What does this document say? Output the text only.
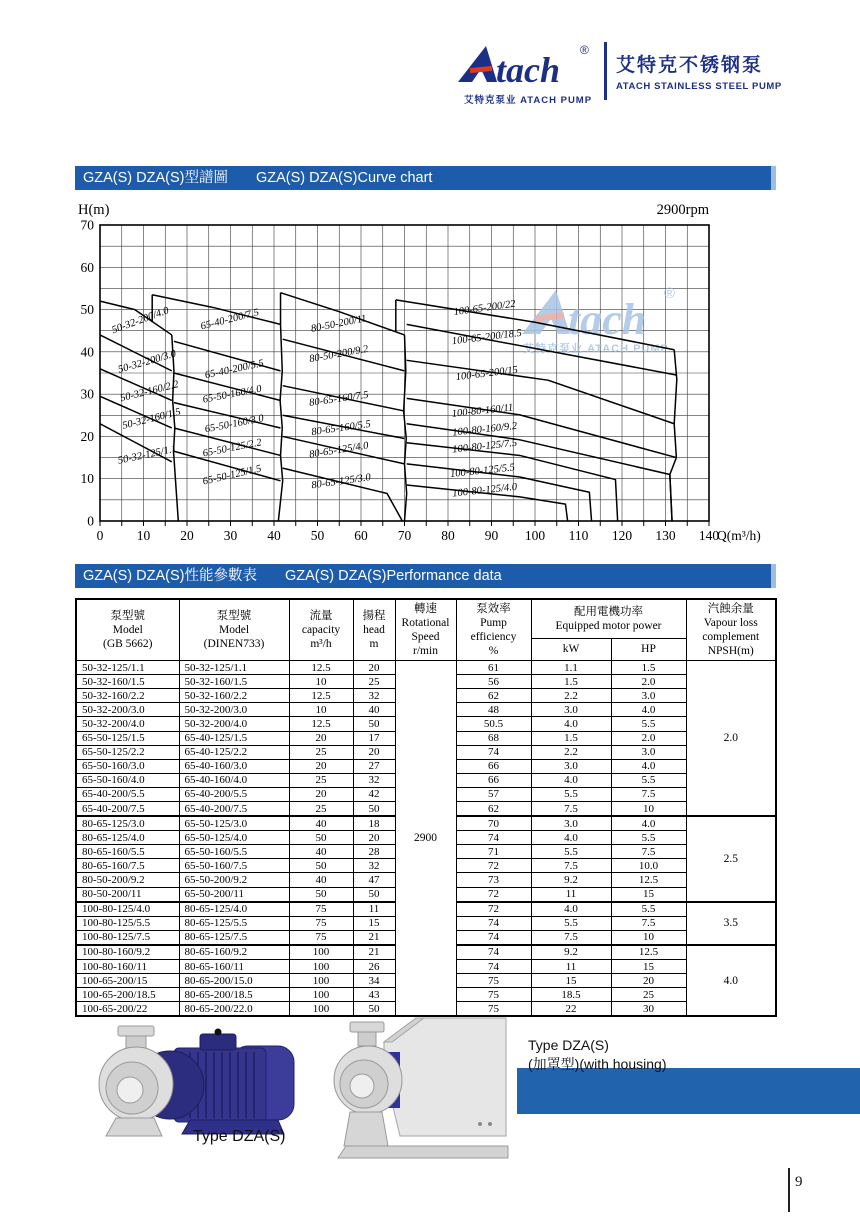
tach ®
艾特克泵业 ATACH PUMP
艾特克不锈钢泵
ATACH STAINLESS STEEL PUMP
GZA(S) DZA(S)型譜圖 GZA(S) DZA(S)Curve chart
H(m)	2900rpm
tach
®
艾特克泵业 ATACH PUMP
0 10 20 30 40 50 60 70 80 90 100 110 120 130 140
Q(m³/h)
0
10
20
30
40
50
60
70
50-32-200/4.0
50-32-200/3.0
50-32-160/2.2
50-32-160/1.5
50-32-125/1.1
65-40-200/7.5
65-40-200/5.5
65-50-160/4.0
65-50-160/3.0
65-50-125/2.2
65-50-125/1.5
80-50-200/11
80-50-200/9.2
80-65-160/7.5
80-65-160/5.5
80-65-125/4.0
80-65-125/3.0
100-65-200/22
100-65-200/18.5
100-65-200/15
100-80-160/11
100-80-160/9.2
100-80-125/7.5
100-80-125/5.5
100-80-125/4.0
GZA(S) DZA(S)性能參數表 GZA(S) DZA(S)Performance data
泵型號
Model
(GB 5662)	泵型號
Model
(DINEN733)	流量
capacity
m³/h	揚程
head
m	轉速
Rotational
Speed
r/min	泵效率
Pump
efficiency
%	配用電機功率
Equipped motor power		汽蝕余量
Vapour loss
complement
NPSH(m)
						kW	HP	
50-32-125/1.1	50-32-125/1.1	12.5	20	2900	61	1.1	1.5	2.0
50-32-160/1.5	50-32-160/1.5	10	25		56	1.5	2.0	
50-32-160/2.2	50-32-160/2.2	12.5	32		62	2.2	3.0	
50-32-200/3.0	50-32-200/3.0	10	40		48	3.0	4.0	
50-32-200/4.0	50-32-200/4.0	12.5	50		50.5	4.0	5.5	
65-50-125/1.5	65-40-125/1.5	20	17		68	1.5	2.0	
65-50-125/2.2	65-40-125/2.2	25	20		74	2.2	3.0	
65-50-160/3.0	65-40-160/3.0	20	27		66	3.0	4.0	
65-50-160/4.0	65-40-160/4.0	25	32		66	4.0	5.5	
65-40-200/5.5	65-40-200/5.5	20	42		57	5.5	7.5	
65-40-200/7.5	65-40-200/7.5	25	50		62	7.5	10	
80-65-125/3.0	65-50-125/3.0	40	18		70	3.0	4.0	2.5
80-65-125/4.0	65-50-125/4.0	50	20		74	4.0	5.5	
80-65-160/5.5	65-50-160/5.5	40	28		71	5.5	7.5	
80-65-160/7.5	65-50-160/7.5	50	32		72	7.5	10.0	
80-50-200/9.2	65-50-200/9.2	40	47		73	9.2	12.5	
80-50-200/11	65-50-200/11	50	50		72	11	15	
100-80-125/4.0	80-65-125/4.0	75	11		72	4.0	5.5	3.5
100-80-125/5.5	80-65-125/5.5	75	15		74	5.5	7.5	
100-80-125/7.5	80-65-125/7.5	75	21		74	7.5	10	
100-80-160/9.2	80-65-160/9.2	100	21		74	9.2	12.5	4.0
100-80-160/11	80-65-160/11	100	26		74	11	15	
100-65-200/15	80-65-200/15.0	100	34		75	15	20	
100-65-200/18.5	80-65-200/18.5	100	43		75	18.5	25	
100-65-200/22	80-65-200/22.0	100	50		75	22	30	
Type DZA(S)
Type DZA(S)
(加罩型)(with housing)
9
